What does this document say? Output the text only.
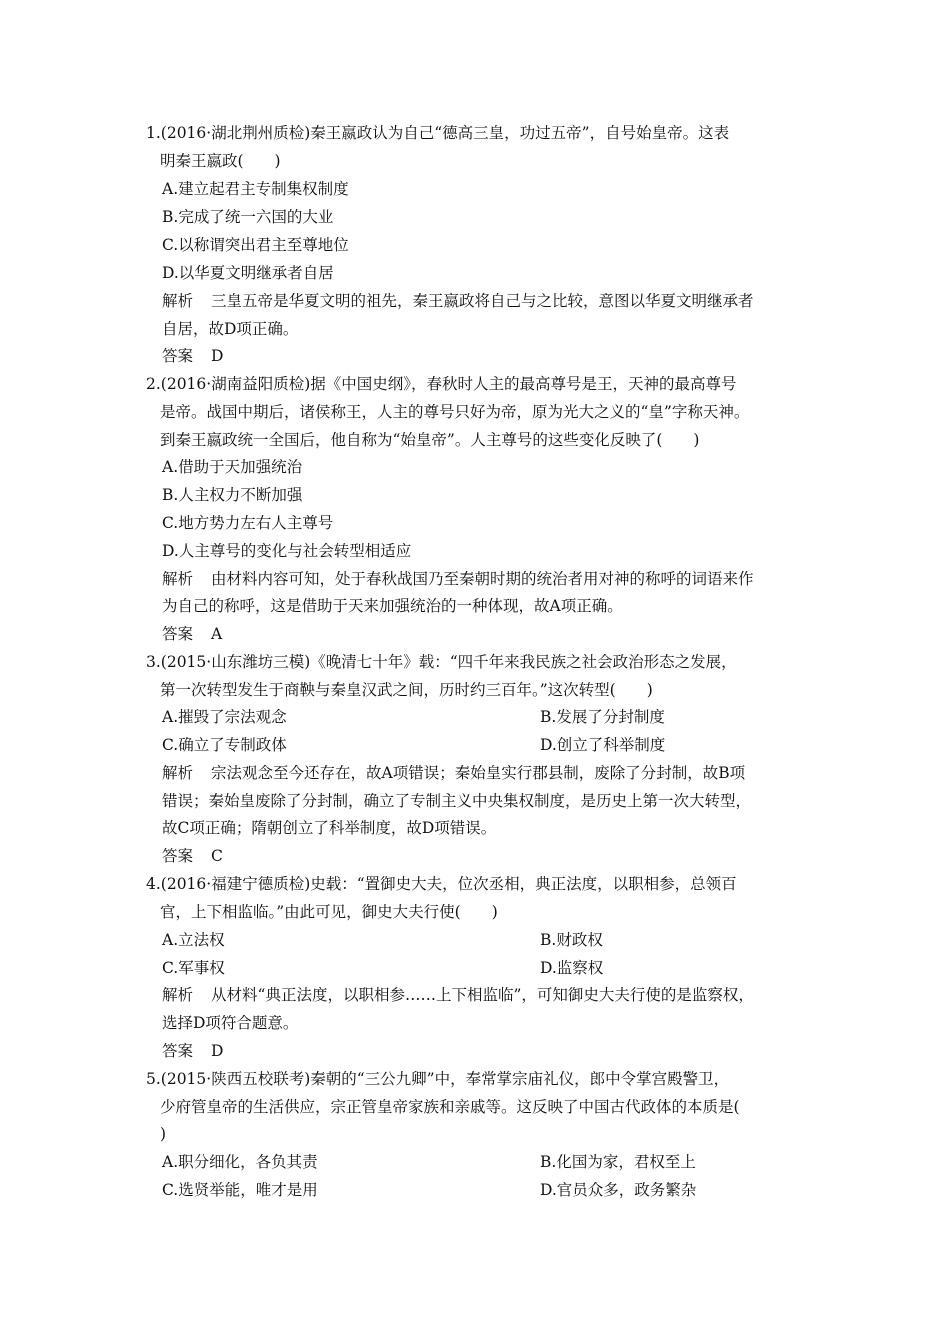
1.(2016·湖北荆州质检)秦王嬴政认为自己“德高三皇，功过五帝”，自号始皇帝。这表
明秦王嬴政(　　)
A.建立起君主专制集权制度
B.完成了统一六国的大业
C.以称谓突出君主至尊地位
D.以华夏文明继承者自居
解析 三皇五帝是华夏文明的祖先，秦王嬴政将自己与之比较，意图以华夏文明继承者
自居，故D项正确。
答案 D
2.(2016·湖南益阳质检)据《中国史纲》，春秋时人主的最高尊号是王，天神的最高尊号
是帝。战国中期后，诸侯称王，人主的尊号只好为帝，原为光大之义的“皇”字称天神。
到秦王嬴政统一全国后，他自称为“始皇帝”。人主尊号的这些变化反映了(　　)
A.借助于天加强统治
B.人主权力不断加强
C.地方势力左右人主尊号
D.人主尊号的变化与社会转型相适应
解析 由材料内容可知，处于春秋战国乃至秦朝时期的统治者用对神的称呼的词语来作
为自己的称呼，这是借助于天来加强统治的一种体现，故A项正确。
答案 A
3.(2015·山东潍坊三模)《晚清七十年》载：“四千年来我民族之社会政治形态之发展，
第一次转型发生于商鞅与秦皇汉武之间，历时约三百年。”这次转型(　　)
A.摧毁了宗法观念	B.发展了分封制度
C.确立了专制政体	D.创立了科举制度
解析 宗法观念至今还存在，故A项错误；秦始皇实行郡县制，废除了分封制，故B项
错误；秦始皇废除了分封制，确立了专制主义中央集权制度，是历史上第一次大转型，
故C项正确；隋朝创立了科举制度，故D项错误。
答案 C
4.(2016·福建宁德质检)史载：“置御史大夫，位次丞相，典正法度，以职相参，总领百
官，上下相监临。”由此可见，御史大夫行使(　　)
A.立法权	B.财政权
C.军事权	D.监察权
解析 从材料“典正法度，以职相参……上下相监临”，可知御史大夫行使的是监察权，
选择D项符合题意。
答案 D
5.(2015·陕西五校联考)秦朝的“三公九卿”中，奉常掌宗庙礼仪，郎中令掌宫殿警卫，
少府管皇帝的生活供应，宗正管皇帝家族和亲戚等。这反映了中国古代政体的本质是(
)
A.职分细化，各负其责	B.化国为家，君权至上
C.选贤举能，唯才是用	D.官员众多，政务繁杂
